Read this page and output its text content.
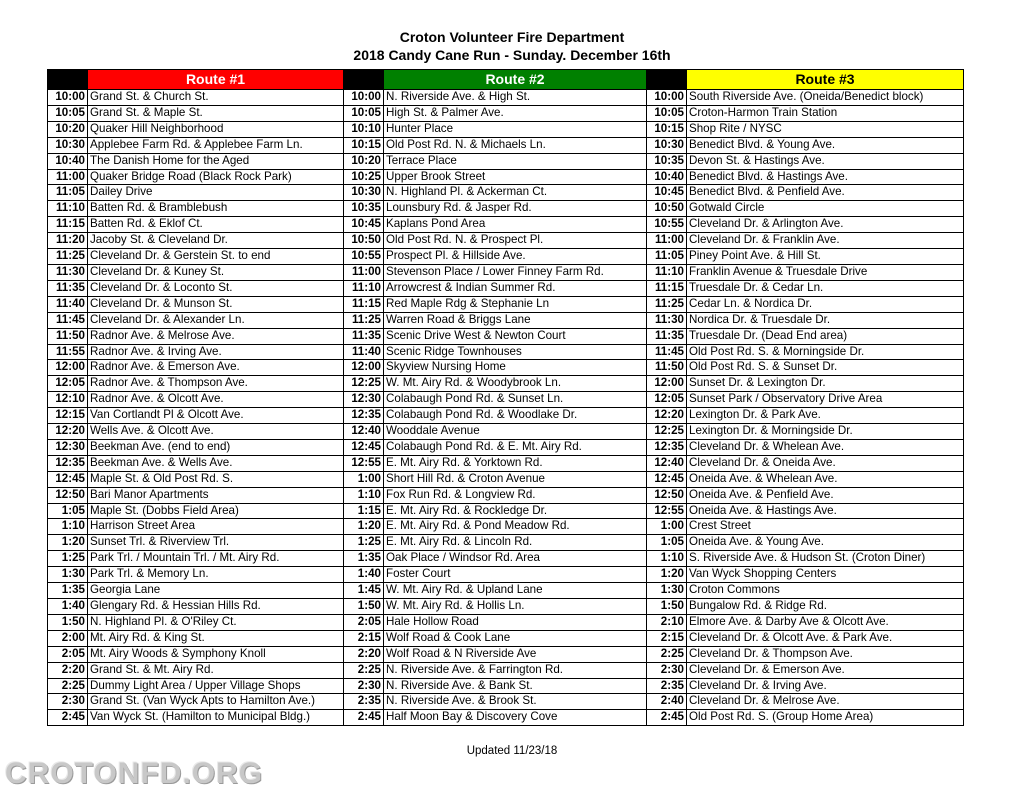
Croton Volunteer Fire Department
2018 Candy Cane Run - Sunday. December 16th
	Route #1		Route #2		Route #3
10:00	Grand St. & Church St.	10:00	N. Riverside Ave. & High St.	10:00	South Riverside Ave. (Oneida/Benedict block)
10:05	Grand St. & Maple St.	10:05	High St. & Palmer Ave.	10:05	Croton-Harmon Train Station
10:20	Quaker Hill Neighborhood	10:10	Hunter Place	10:15	Shop Rite / NYSC
10:30	Applebee Farm Rd. & Applebee Farm Ln.	10:15	Old Post Rd. N. & Michaels Ln.	10:30	Benedict Blvd. & Young Ave.
10:40	The Danish Home for the Aged	10:20	Terrace Place	10:35	Devon St. & Hastings Ave.
11:00	Quaker Bridge Road (Black Rock Park)	10:25	Upper Brook Street	10:40	Benedict Blvd. & Hastings Ave.
11:05	Dailey Drive	10:30	N. Highland Pl. & Ackerman Ct.	10:45	Benedict Blvd. & Penfield Ave.
11:10	Batten Rd. & Bramblebush	10:35	Lounsbury Rd. & Jasper Rd.	10:50	Gotwald Circle
11:15	Batten Rd. & Eklof Ct.	10:45	Kaplans Pond Area	10:55	Cleveland Dr. & Arlington Ave.
11:20	Jacoby St. & Cleveland Dr.	10:50	Old Post Rd. N. & Prospect Pl.	11:00	Cleveland Dr. & Franklin Ave.
11:25	Cleveland Dr. & Gerstein St. to end	10:55	Prospect Pl. & Hillside Ave.	11:05	Piney Point Ave. & Hill St.
11:30	Cleveland Dr. & Kuney St.	11:00	Stevenson Place / Lower Finney Farm Rd.	11:10	Franklin Avenue & Truesdale Drive
11:35	Cleveland Dr. & Loconto St.	11:10	Arrowcrest & Indian Summer Rd.	11:15	Truesdale Dr. & Cedar Ln.
11:40	Cleveland Dr. & Munson St.	11:15	Red Maple Rdg & Stephanie Ln	11:25	Cedar Ln. & Nordica Dr.
11:45	Cleveland Dr. & Alexander Ln.	11:25	Warren Road & Briggs Lane	11:30	Nordica Dr. & Truesdale Dr.
11:50	Radnor Ave. & Melrose Ave.	11:35	Scenic Drive West & Newton Court	11:35	Truesdale Dr. (Dead End area)
11:55	Radnor Ave. & Irving Ave.	11:40	Scenic Ridge Townhouses	11:45	Old Post Rd. S. & Morningside Dr.
12:00	Radnor Ave. & Emerson Ave.	12:00	Skyview Nursing Home	11:50	Old Post Rd. S. & Sunset Dr.
12:05	Radnor Ave. & Thompson Ave.	12:25	W. Mt. Airy Rd. & Woodybrook Ln.	12:00	Sunset Dr. & Lexington Dr.
12:10	Radnor Ave. & Olcott Ave.	12:30	Colabaugh Pond Rd. & Sunset Ln.	12:05	Sunset Park / Observatory Drive Area
12:15	Van Cortlandt Pl & Olcott Ave.	12:35	Colabaugh Pond Rd. & Woodlake Dr.	12:20	Lexington Dr. & Park Ave.
12:20	Wells Ave. & Olcott Ave.	12:40	Wooddale Avenue	12:25	Lexington Dr. & Morningside Dr.
12:30	Beekman Ave. (end to end)	12:45	Colabaugh Pond Rd. & E. Mt. Airy Rd.	12:35	Cleveland Dr. & Whelean Ave.
12:35	Beekman Ave. & Wells Ave.	12:55	E. Mt. Airy Rd. & Yorktown Rd.	12:40	Cleveland Dr. & Oneida Ave.
12:45	Maple St. & Old Post Rd. S.	1:00	Short Hill Rd. & Croton Avenue	12:45	Oneida Ave. & Whelean Ave.
12:50	Bari Manor Apartments	1:10	Fox Run Rd. & Longview Rd.	12:50	Oneida Ave. & Penfield Ave.
1:05	Maple St. (Dobbs Field Area)	1:15	E. Mt. Airy Rd. & Rockledge Dr.	12:55	Oneida Ave. & Hastings Ave.
1:10	Harrison Street Area	1:20	E. Mt. Airy Rd. & Pond Meadow Rd.	1:00	Crest Street
1:20	Sunset Trl. & Riverview Trl.	1:25	E. Mt. Airy Rd. & Lincoln Rd.	1:05	Oneida Ave. & Young Ave.
1:25	Park Trl. / Mountain Trl. / Mt. Airy Rd.	1:35	Oak Place / Windsor Rd. Area	1:10	S. Riverside Ave. & Hudson St. (Croton Diner)
1:30	Park Trl. & Memory Ln.	1:40	Foster Court	1:20	Van Wyck Shopping Centers
1:35	Georgia Lane	1:45	W. Mt. Airy Rd. & Upland Lane	1:30	Croton Commons
1:40	Glengary Rd. & Hessian Hills Rd.	1:50	W. Mt. Airy Rd. & Hollis Ln.	1:50	Bungalow Rd. & Ridge Rd.
1:50	N. Highland Pl. & O'Riley Ct.	2:05	Hale Hollow Road	2:10	Elmore Ave. & Darby Ave & Olcott Ave.
2:00	Mt. Airy Rd. & King St.	2:15	Wolf Road & Cook Lane	2:15	Cleveland Dr. & Olcott Ave. & Park Ave.
2:05	Mt. Airy Woods & Symphony Knoll	2:20	Wolf Road & N Riverside Ave	2:25	Cleveland Dr. & Thompson Ave.
2:20	Grand St. & Mt. Airy Rd.	2:25	N. Riverside Ave. & Farrington Rd.	2:30	Cleveland Dr. & Emerson Ave.
2:25	Dummy Light Area / Upper Village Shops	2:30	N. Riverside Ave. & Bank St.	2:35	Cleveland Dr. & Irving Ave.
2:30	Grand St. (Van Wyck Apts to Hamilton Ave.)	2:35	N. Riverside Ave. & Brook St.	2:40	Cleveland Dr. & Melrose Ave.
2:45	Van Wyck St. (Hamilton to Municipal Bldg.)	2:45	Half Moon Bay & Discovery Cove	2:45	Old Post Rd. S. (Group Home Area)
Updated 11/23/18
CROTONFD.ORG
